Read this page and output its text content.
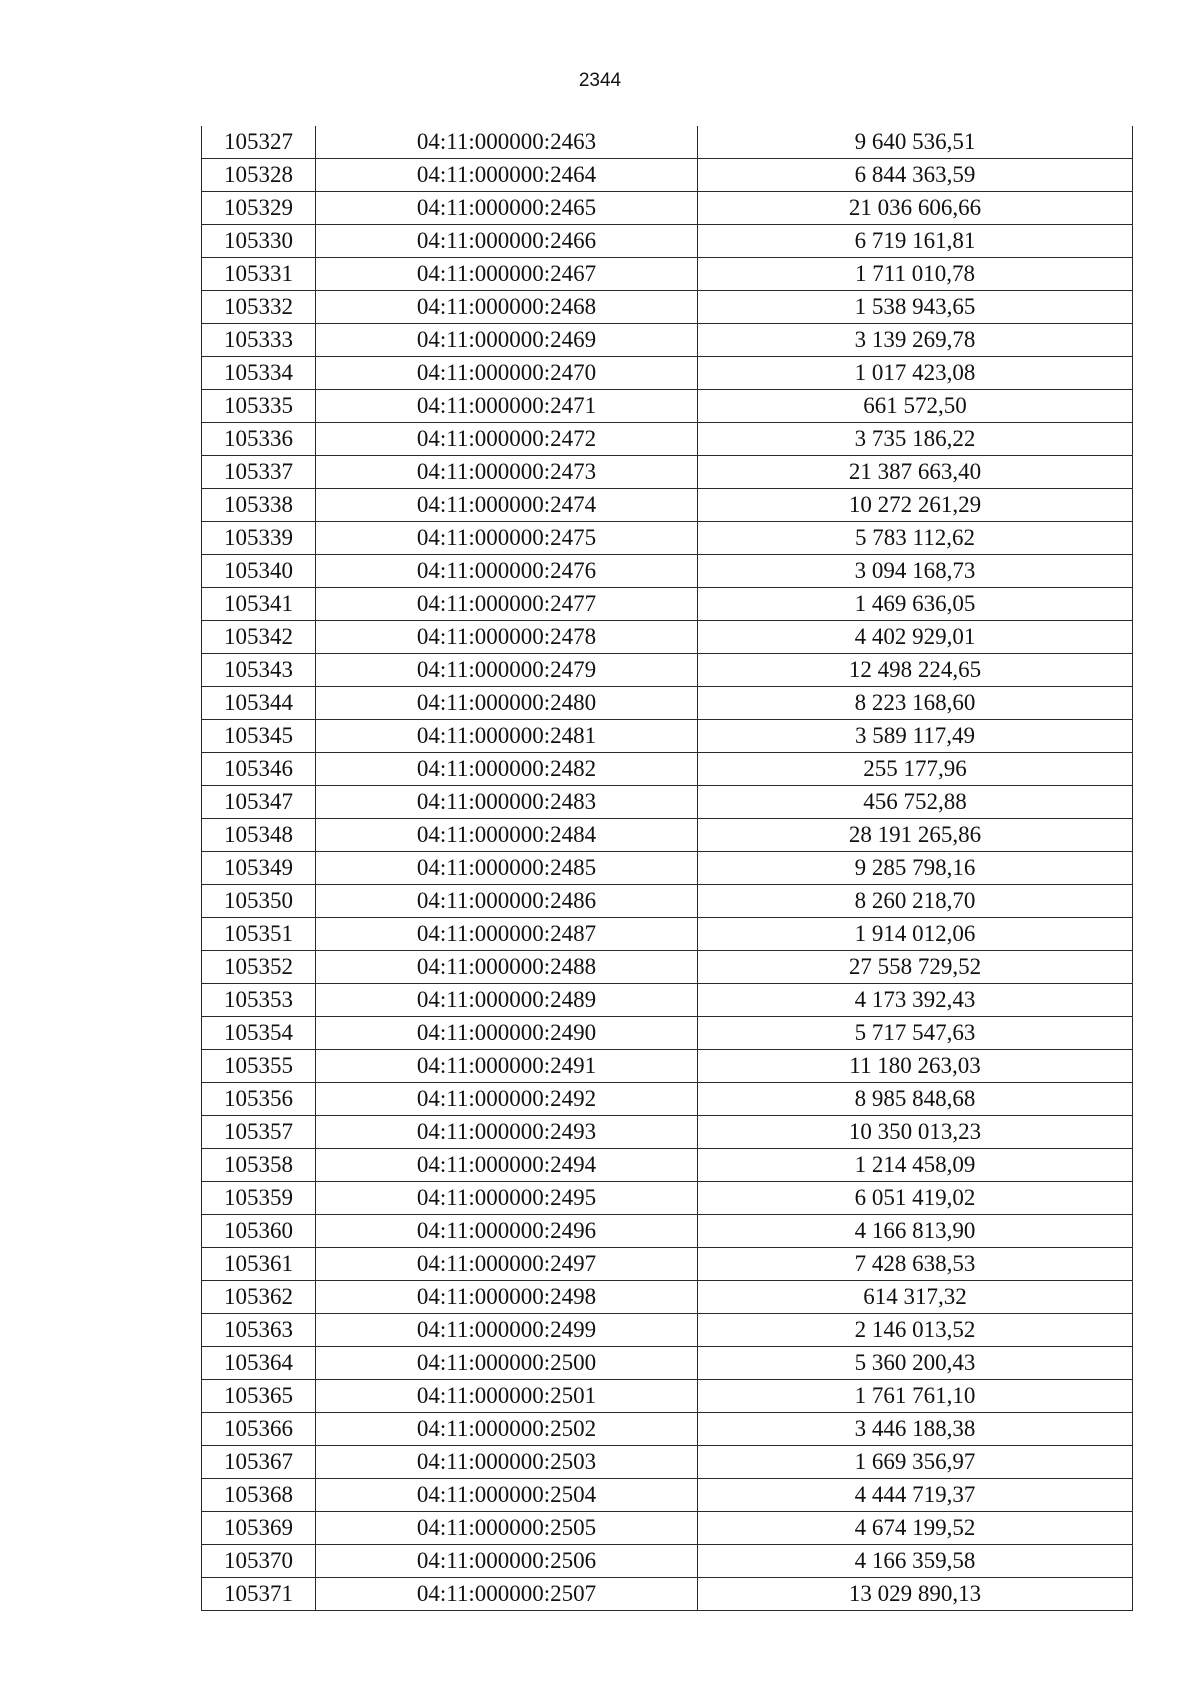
2344
105327	04:11:000000:2463	9 640 536,51
105328	04:11:000000:2464	6 844 363,59
105329	04:11:000000:2465	21 036 606,66
105330	04:11:000000:2466	6 719 161,81
105331	04:11:000000:2467	1 711 010,78
105332	04:11:000000:2468	1 538 943,65
105333	04:11:000000:2469	3 139 269,78
105334	04:11:000000:2470	1 017 423,08
105335	04:11:000000:2471	661 572,50
105336	04:11:000000:2472	3 735 186,22
105337	04:11:000000:2473	21 387 663,40
105338	04:11:000000:2474	10 272 261,29
105339	04:11:000000:2475	5 783 112,62
105340	04:11:000000:2476	3 094 168,73
105341	04:11:000000:2477	1 469 636,05
105342	04:11:000000:2478	4 402 929,01
105343	04:11:000000:2479	12 498 224,65
105344	04:11:000000:2480	8 223 168,60
105345	04:11:000000:2481	3 589 117,49
105346	04:11:000000:2482	255 177,96
105347	04:11:000000:2483	456 752,88
105348	04:11:000000:2484	28 191 265,86
105349	04:11:000000:2485	9 285 798,16
105350	04:11:000000:2486	8 260 218,70
105351	04:11:000000:2487	1 914 012,06
105352	04:11:000000:2488	27 558 729,52
105353	04:11:000000:2489	4 173 392,43
105354	04:11:000000:2490	5 717 547,63
105355	04:11:000000:2491	11 180 263,03
105356	04:11:000000:2492	8 985 848,68
105357	04:11:000000:2493	10 350 013,23
105358	04:11:000000:2494	1 214 458,09
105359	04:11:000000:2495	6 051 419,02
105360	04:11:000000:2496	4 166 813,90
105361	04:11:000000:2497	7 428 638,53
105362	04:11:000000:2498	614 317,32
105363	04:11:000000:2499	2 146 013,52
105364	04:11:000000:2500	5 360 200,43
105365	04:11:000000:2501	1 761 761,10
105366	04:11:000000:2502	3 446 188,38
105367	04:11:000000:2503	1 669 356,97
105368	04:11:000000:2504	4 444 719,37
105369	04:11:000000:2505	4 674 199,52
105370	04:11:000000:2506	4 166 359,58
105371	04:11:000000:2507	13 029 890,13
